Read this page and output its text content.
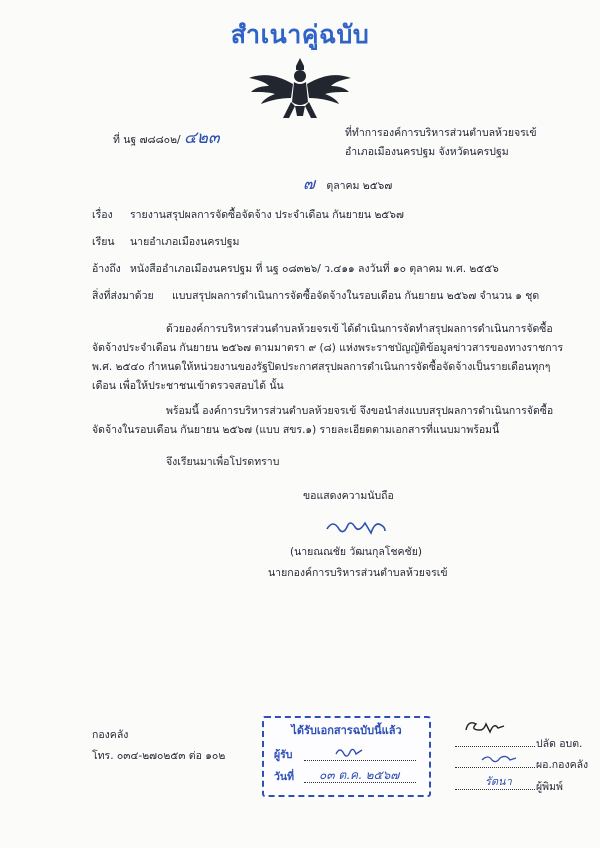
สำเนาคู่ฉบับ
ที่ นฐ ๗๘๘๐๒/ ๔๒๓	ที่ทำการองค์การบริหารส่วนตำบลห้วยจรเข้
อำเภอเมืองนครปฐม จังหวัดนครปฐม
๗ ตุลาคม ๒๕๖๗
เรื่อง รายงานสรุปผลการจัดซื้อจัดจ้าง ประจำเดือน กันยายน ๒๕๖๗
เรียน นายอำเภอเมืองนครปฐม
อ้างถึง หนังสืออำเภอเมืองนครปฐม ที่ นฐ ๐๘๓๒๖/ ว.๔๑๑ ลงวันที่ ๑๐ ตุลาคม พ.ศ. ๒๕๕๖
สิ่งที่ส่งมาด้วย แบบสรุปผลการดำเนินการจัดซื้อจัดจ้างในรอบเดือน กันยายน ๒๕๖๗ จำนวน ๑ ชุด
ด้วยองค์การบริหารส่วนตำบลห้วยจรเข้ ได้ดำเนินการจัดทำสรุปผลการดำเนินการจัดซื้อ
จัดจ้างประจำเดือน กันยายน ๒๕๖๗ ตามมาตรา ๙ (๘) แห่งพระราชบัญญัติข้อมูลข่าวสารของทางราชการ
พ.ศ. ๒๕๔๐ กำหนดให้หน่วยงานของรัฐปิดประกาศสรุปผลการดำเนินการจัดซื้อจัดจ้างเป็นรายเดือนทุกๆ
เดือน เพื่อให้ประชาชนเข้าตรวจสอบได้ นั้น
พร้อมนี้ องค์การบริหารส่วนตำบลห้วยจรเข้ จึงขอนำส่งแบบสรุปผลการดำเนินการจัดซื้อ
จัดจ้างในรอบเดือน กันยายน ๒๕๖๗ (แบบ สขร.๑) รายละเอียดตามเอกสารที่แนบมาพร้อมนี้
จึงเรียนมาเพื่อโปรดทราบ
ขอแสดงความนับถือ
(นายณณชัย วัฒนกุลโชคชัย)
นายกองค์การบริหารส่วนตำบลห้วยจรเข้
ได้รับเอกสารฉบับนี้แล้ว
ผู้รับ
วันที่ ๐๓ ต.ค. ๒๕๖๗
กองคลัง
โทร. ๐๓๔-๒๗๐๒๕๓ ต่อ ๑๐๒
ปลัด อบต.
ผอ.กองคลัง
รัตนา ผู้พิมพ์
